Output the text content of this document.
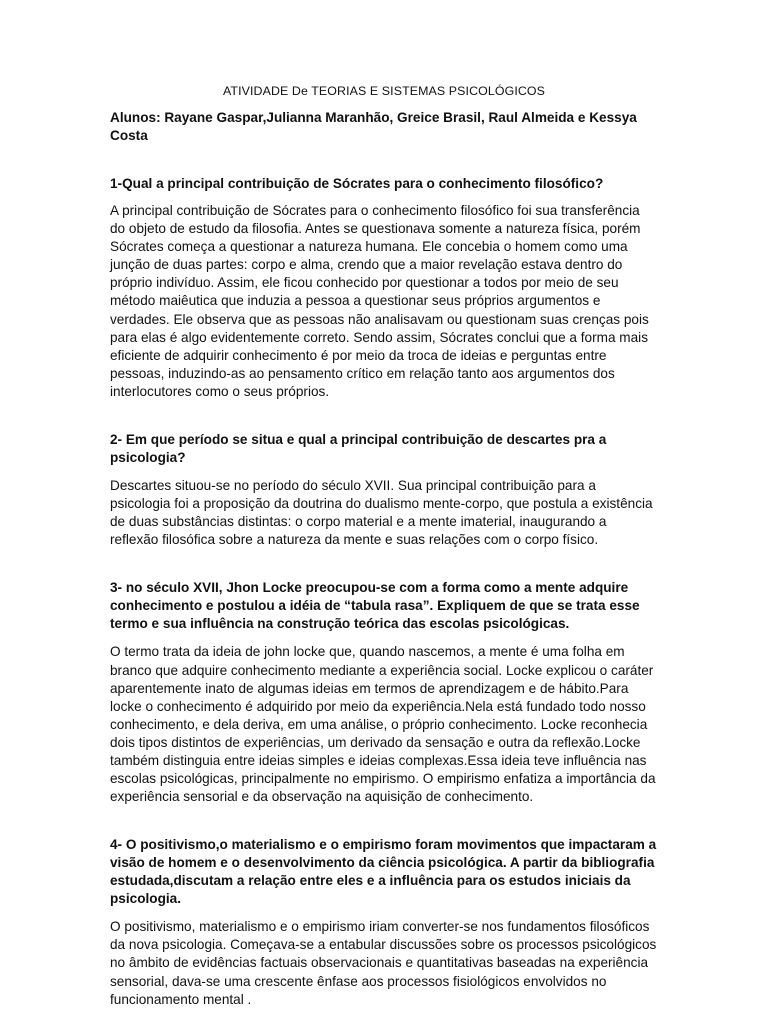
ATIVIDADE De TEORIAS E SISTEMAS PSICOLÓGICOS
Alunos: Rayane Gaspar,Julianna Maranhão, Greice Brasil, Raul Almeida e Kessya Costa
1-Qual a principal contribuição de Sócrates para o conhecimento filosófico?
A principal contribuição de Sócrates para o conhecimento filosófico foi sua transferência do objeto de estudo da filosofia. Antes se questionava somente a natureza física, porém Sócrates começa a questionar a natureza humana. Ele concebia o homem como uma junção de duas partes: corpo e alma, crendo que a maior revelação estava dentro do próprio indivíduo. Assim, ele ficou conhecido por questionar a todos por meio de seu método maiêutica que induzia a pessoa a questionar seus próprios argumentos e verdades. Ele observa que as pessoas não analisavam ou questionam suas crenças pois para elas é algo evidentemente correto. Sendo assim, Sócrates conclui que a forma mais eficiente de adquirir conhecimento é por meio da troca de ideias e perguntas entre pessoas, induzindo-as ao pensamento crítico em relação tanto aos argumentos dos interlocutores como o seus próprios.
2- Em que período se situa e qual a principal contribuição de descartes pra a psicologia?
Descartes situou-se no período do século XVII. Sua principal contribuição para a psicologia foi a proposição da doutrina do dualismo mente-corpo, que postula a existência de duas substâncias distintas: o corpo material e a mente imaterial, inaugurando a reflexão filosófica sobre a natureza da mente e suas relações com o corpo físico.
3- no século XVII, Jhon Locke preocupou-se com a forma como a mente adquire conhecimento e postulou a idéia de “tabula rasa”. Expliquem de que se trata esse termo e sua influência na construção teórica das escolas psicológicas.
O termo trata da ideia de john locke que, quando nascemos, a mente é uma folha em branco que adquire conhecimento mediante a experiência social. Locke explicou o caráter aparentemente inato de algumas ideias em termos de aprendizagem e de hábito.Para locke o conhecimento é adquirido por meio da experiência.Nela está fundado todo nosso conhecimento, e dela deriva, em uma análise, o próprio conhecimento. Locke reconhecia dois tipos distintos de experiências, um derivado da sensação e outra da reflexão.Locke também distinguia entre ideias simples e ideias complexas.Essa ideia teve influência nas escolas psicológicas, principalmente no empirismo. O empirismo enfatiza a importância da experiência sensorial e da observação na aquisição de conhecimento.
4- O positivismo,o materialismo e o empirismo foram movimentos que impactaram a visão de homem e o desenvolvimento da ciência psicológica. A partir da bibliografia estudada,discutam a relação entre eles e a influência para os estudos iniciais da psicologia.
O positivismo, materialismo e o empirismo iriam converter-se nos fundamentos filosóficos da nova psicologia. Começava-se a entabular discussões sobre os processos psicológicos no âmbito de evidências factuais observacionais e quantitativas baseadas na experiência sensorial, dava-se uma crescente ênfase aos processos fisiológicos envolvidos no funcionamento mental .
